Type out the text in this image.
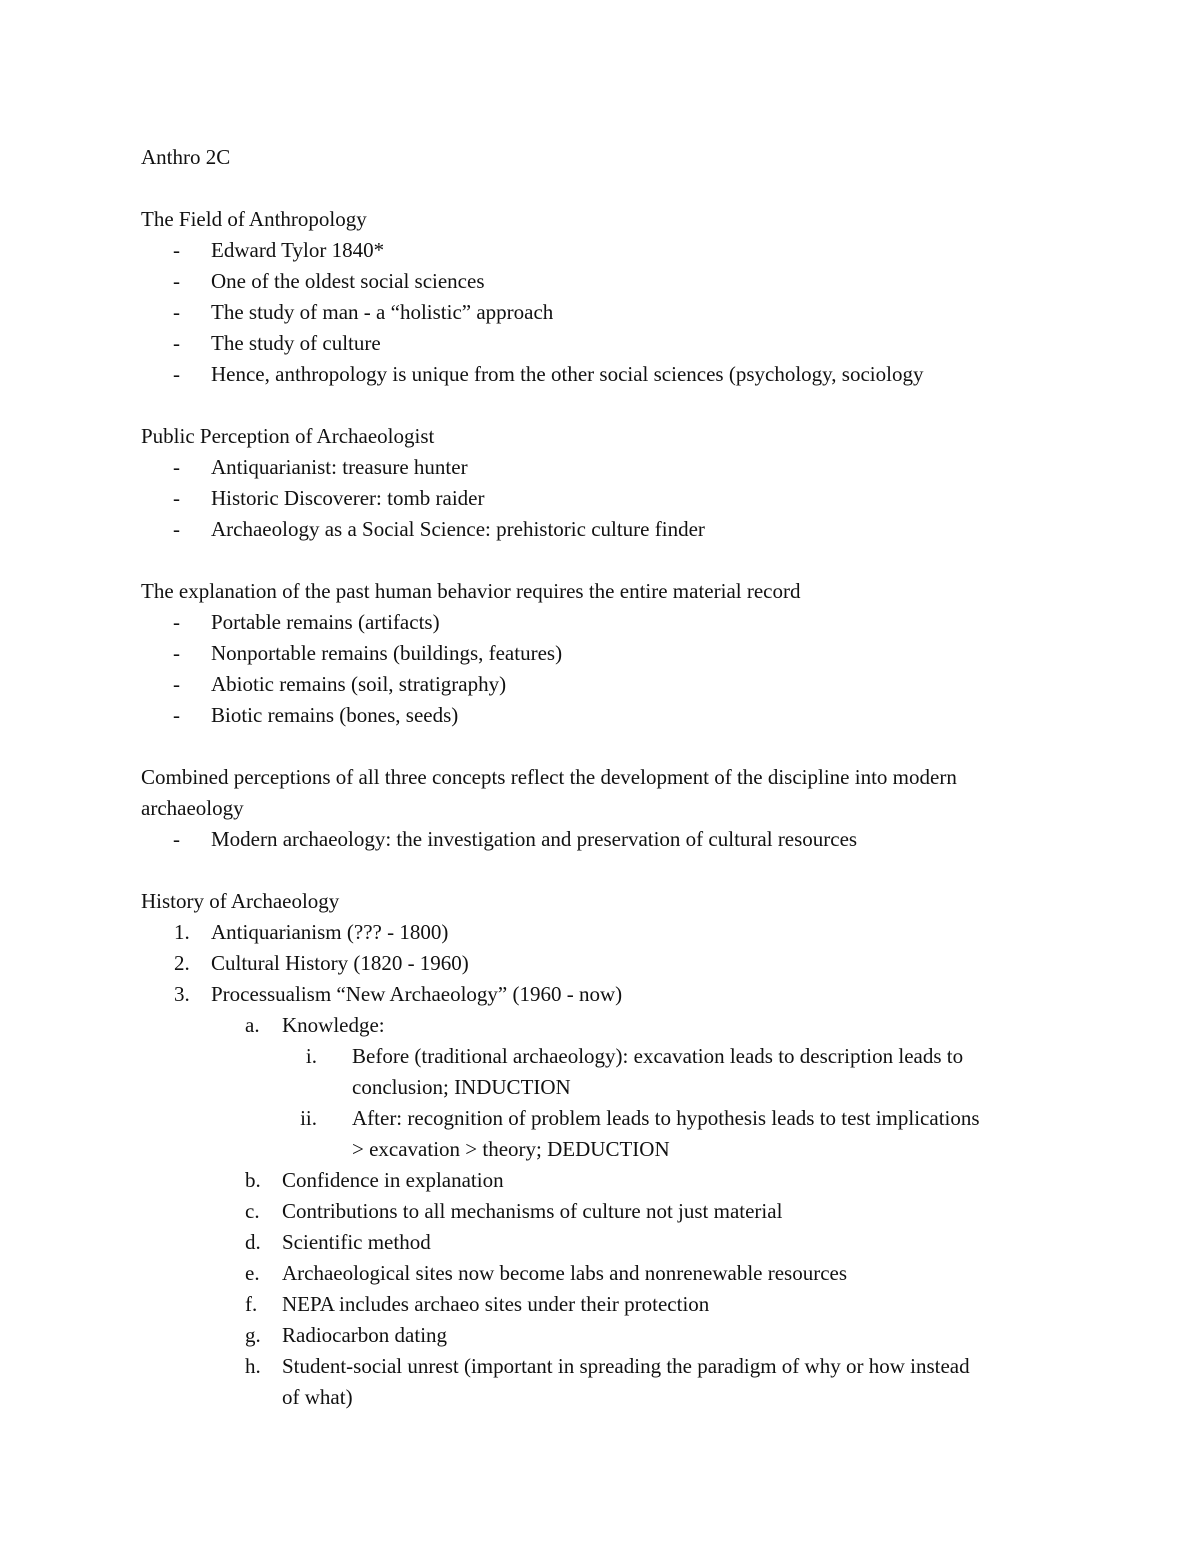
Anthro 2C
The Field of Anthropology
- Edward Tylor 1840*
- One of the oldest social sciences
- The study of man - a “holistic” approach
- The study of culture
- Hence, anthropology is unique from the other social sciences (psychology, sociology
Public Perception of Archaeologist
- Antiquarianist: treasure hunter
- Historic Discoverer: tomb raider
- Archaeology as a Social Science: prehistoric culture finder
The explanation of the past human behavior requires the entire material record
- Portable remains (artifacts)
- Nonportable remains (buildings, features)
- Abiotic remains (soil, stratigraphy)
- Biotic remains (bones, seeds)
Combined perceptions of all three concepts reflect the development of the discipline into modern
archaeology
- Modern archaeology: the investigation and preservation of cultural resources
History of Archaeology
1. Antiquarianism (??? - 1800)
2. Cultural History (1820 - 1960)
3. Processualism “New Archaeology” (1960 - now)
a. Knowledge:
i. Before (traditional archaeology): excavation leads to description leads to
conclusion; INDUCTION
ii. After: recognition of problem leads to hypothesis leads to test implications
> excavation > theory; DEDUCTION
b. Confidence in explanation
c. Contributions to all mechanisms of culture not just material
d. Scientific method
e. Archaeological sites now become labs and nonrenewable resources
f. NEPA includes archaeo sites under their protection
g. Radiocarbon dating
h. Student-social unrest (important in spreading the paradigm of why or how instead
of what)
